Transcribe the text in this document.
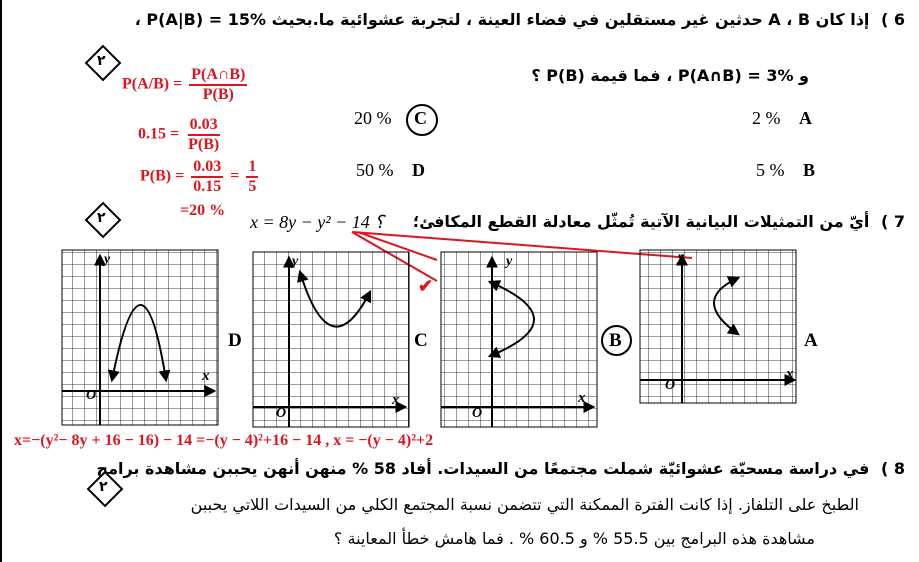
6 ) إذا كان A ، B حدثين غير مستقلين في فضاء العينة ، لتجربة عشوائية ما.بحيث P(A|B) = 15% ،
و P(A∩B) = 3% ، فما قيمة P(B) ؟
٢
$P(A/B) = \frac{P(A\cap B)}{P(B)}$
$0.15 = \frac{0.03}{P(B)}$
$P(B) = \frac{0.03}{0.15} = \frac{1}{5}$
=20 %
2 % A
20 % C
5 % B
50 % D
7 ) أيّ من التمثيلات البيانية الآتية تُمثّل معادلة القطع المكافئ؛
x = 8y − y² − 14 ؟
٢
✔
y
x
O
D
y
x
O
C
y
x
O
B
y
x
O
A
x=−(y²− 8y + 16 − 16) − 14 =−(y − 4)²+16 − 14 , x = −(y − 4)²+2
8 ) في دراسة مسحيّة عشوائيّة شملت مجتمعًا من السيدات. أفاد 58 % منهن أنهن يحببن مشاهدة برامج
الطبخ على التلفاز. إذا كانت الفترة الممكنة التي تتضمن نسبة المجتمع الكلي من السيدات اللاتي يحببن
مشاهدة هذه البرامج بين 55.5 % و 60.5 % . فما هامش خطأ المعاينة ؟
٢
